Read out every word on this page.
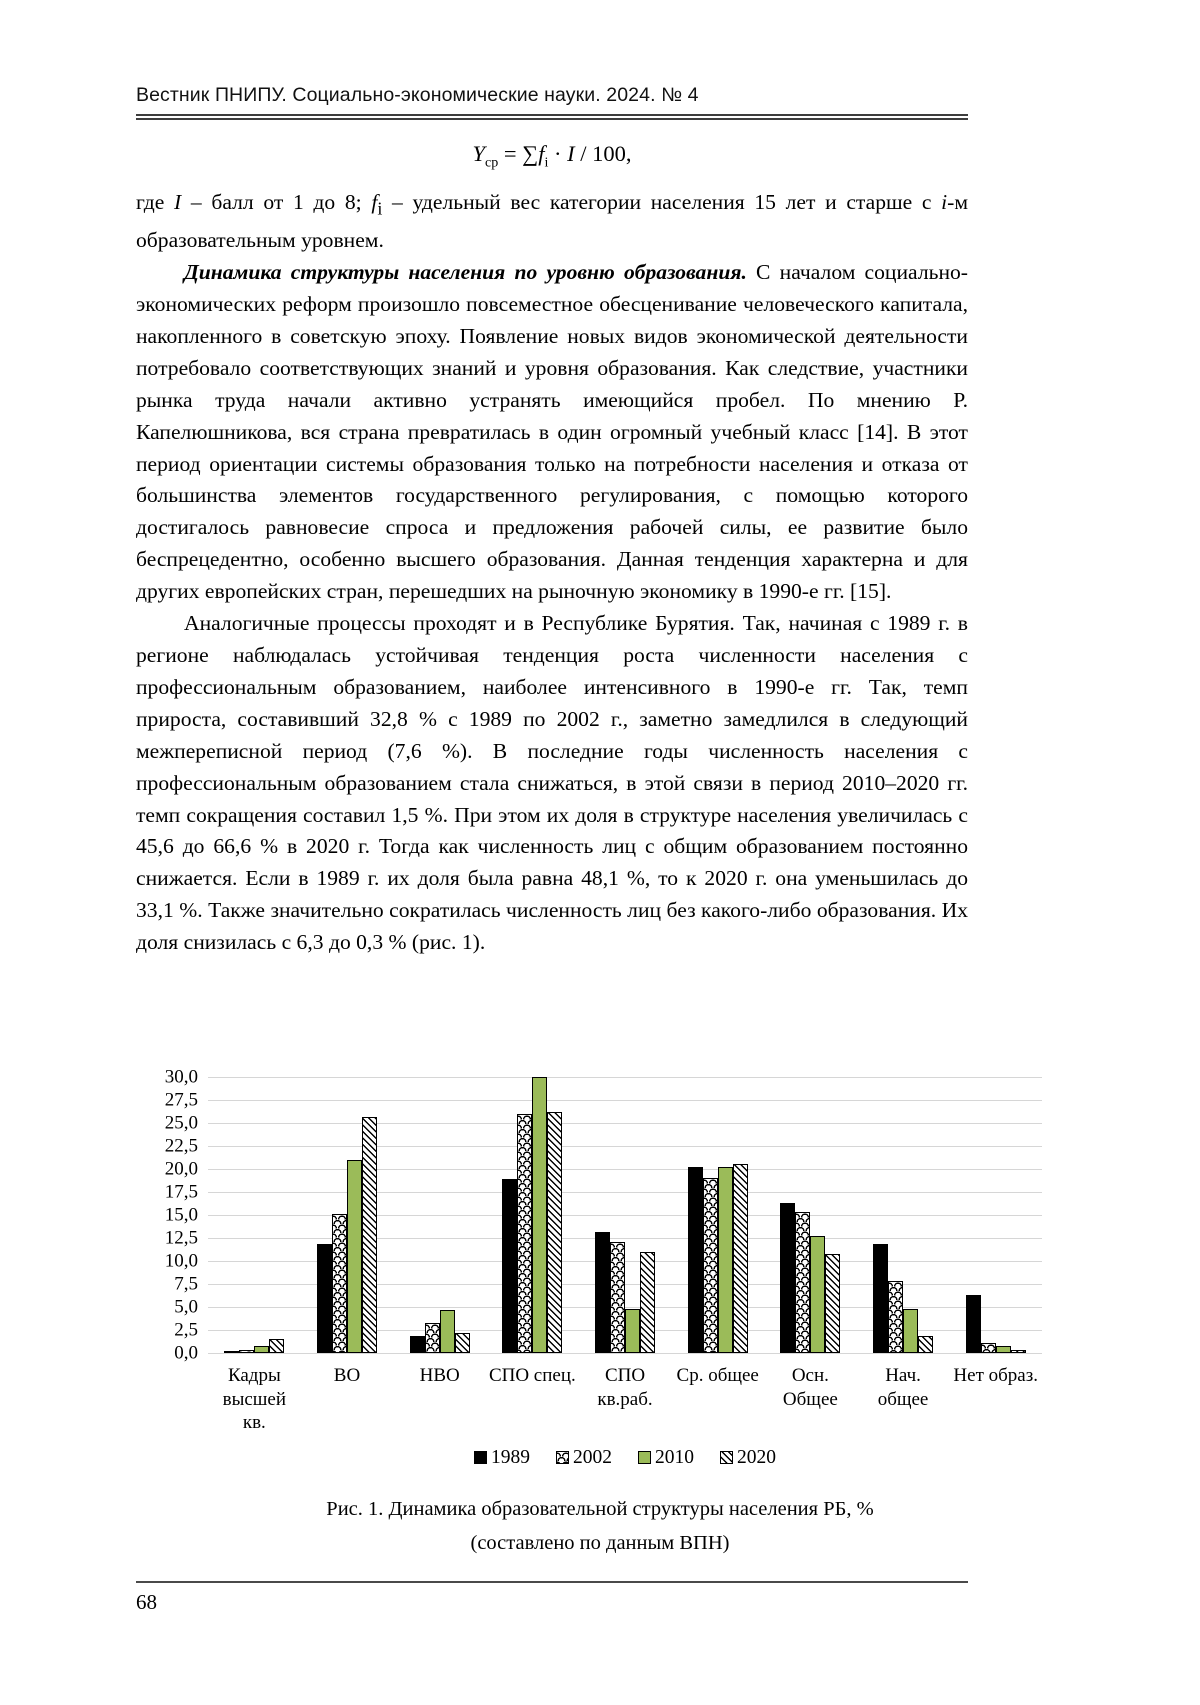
Вестник ПНИПУ. Социально-экономические науки. 2024. № 4
$Y_{ср} = \sum f_i \cdot I / 100$,

где I – балл от 1 до 8; $f_i$ – удельный вес категории населения 15 лет и старше с i-м образовательным уровнем.

Динамика структуры населения по уровню образования. С началом социально-экономических реформ произошло повсеместное обесценивание человеческого капитала, накопленного в советскую эпоху. Появление новых видов экономической деятельности потребовало соответствующих знаний и уровня образования. Как следствие, участники рынка труда начали активно устранять имеющийся пробел. По мнению Р. Капелюшникова, вся страна превратилась в один огромный учебный класс [14]. В этот период ориентации системы образования только на потребности населения и отказа от большинства элементов государственного регулирования, с помощью которого достигалось равновесие спроса и предложения рабочей силы, ее развитие было беспрецедентно, особенно высшего образования. Данная тенденция характерна и для других европейских стран, перешедших на рыночную экономику в 1990-е гг. [15].

Аналогичные процессы проходят и в Республике Бурятия. Так, начиная с 1989 г. в регионе наблюдалась устойчивая тенденция роста численности населения с профессиональным образованием, наиболее интенсивного в 1990-е гг. Так, темп прироста, составивший 32,8 % с 1989 по 2002 г., заметно замедлился в следующий межпереписной период (7,6 %). В последние годы численность населения с профессиональным образованием стала снижаться, в этой связи в период 2010–2020 гг. темп сокращения составил 1,5 %. При этом их доля в структуре населения увеличилась с 45,6 до 66,6 % в 2020 г. Тогда как численность лиц с общим образованием постоянно снижается. Если в 1989 г. их доля была равна 48,1 %, то к 2020 г. она уменьшилась до 33,1 %. Также значительно сократилась численность лиц без какого-либо образования. Их доля снизилась с 6,3 до 0,3 % (рис. 1).

0,0
2,5
5,0
7,5
10,0
12,5
15,0
17,5
20,0
22,5
25,0
27,5
30,0
Кадры
высшей
кв.
ВО	НВО	СПО спец.	СПО
кв.раб.
Ср. общее	Осн.
Общее
Нач.
общее
Нет образ.
1989 2002 2010 2020
Рис. 1. Динамика образовательной структуры населения РБ, %
(составлено по данным ВПН)
68
